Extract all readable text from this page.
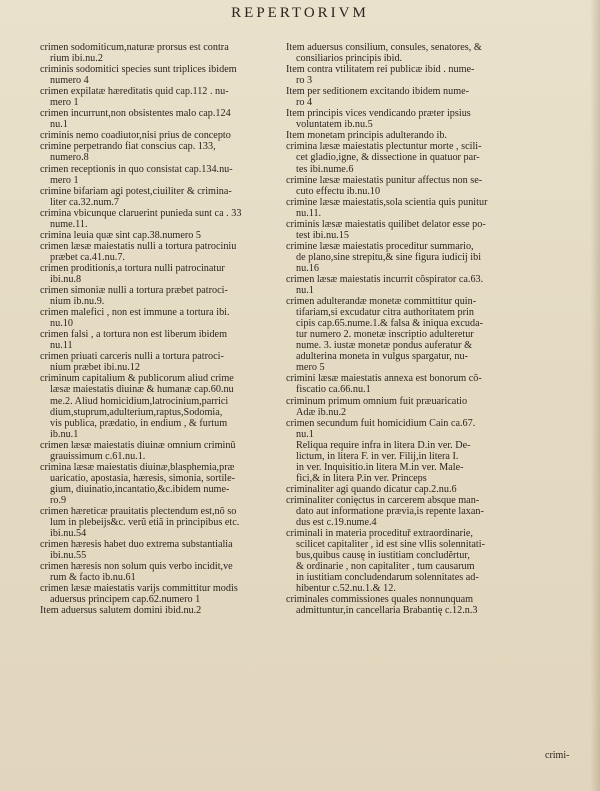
REPERTORIVM
crimen sodomiticum,naturæ prorsus est contra
rium ibi.nu.2
criminis sodomitici species sunt triplices ibidem
numero 4
crimen expilatæ hæreditatis quid cap.112 . nu-
mero 1
crimen incurrunt,non obsistentes malo cap.124
nu.1
criminis nemo coadiutor,nisi prius de concepto
crimine perpetrando fiat conscius cap. 133,
numero.8
crimen receptionis in quo consistat cap.134.nu-
mero 1
crimine bifariam agi potest,ciuiliter & crimina-
liter ca.32.num.7
crimina vbicunque claruerint punieda sunt ca . 33
nume.11.
crimina leuia quæ sint cap.38.numero 5
crimen læsæ maiestatis nulli a tortura patrociniu
præbet ca.41.nu.7.
crimen proditionis,a tortura nulli patrocinatur
ibi.nu.8
crimen simoniæ nulli a tortura præbet patroci-
nium ib.nu.9.
crimen malefici , non est immune a tortura ibi.
nu.10
crimen falsi , a tortura non est liberum ibidem
nu.11
crimen priuati carceris nulli a tortura patroci-
nium præbet ibi.nu.12
criminum capitalium & publicorum aliud crime
læsæ maiestatis diuinæ & humanæ cap.60.nu
me.2. Aliud homicidium,latrocinium,parrici
dium,stuprum,adulterium,raptus,Sodomia,
vis publica, prædatio, in endium , & furtum
ib.nu.1
crimen læsæ maiestatis diuinæ omnium criminũ
grauissimum c.61.nu.1.
crimina læsæ maiestatis diuinæ,blasphemia,præ
uaricatio, apostasia, hæresis, simonia, sortile-
gium, diuinatio,incantatio,&c.ibidem nume-
ro.9
crimen hæreticæ prauitatis plectendum est,nõ so
lum in plebeijs&c. verũ etiã in principibus etc.
ibi.nu.54
crimen hæresis habet duo extrema substantialia
ibi.nu.55
crimen hæresis non solum quis verbo incidit,ve
rum & facto ib.nu.61
crimen læsæ maiestatis varijs committitur modis
aduersus principem cap.62.numero 1
Item aduersus salutem domini ibid.nu.2
Item aduersus consilium, consules, senatores, &
consiliarios principis ibid.
Item contra vtilitatem rei publicæ ibid . nume-
ro 3
Item per seditionem excitando ibidem nume-
ro 4
Item principis vices vendicando præter ipsius
voluntatem ib.nu.5
Item monetam principis adulterando ib.
crimina læsæ maiestatis plectuntur morte , scili-
cet gladio,igne, & dissectione in quatuor par-
tes ibi.nume.6
crimine læsæ maiestatis punitur affectus non se-
cuto effectu ib.nu.10
crimine læsæ maiestatis,sola scientia quis punitur
nu.11.
criminis læsæ maiestatis quilibet delator esse po-
test ibi.nu.15
crimine læsæ maiestatis proceditur summario,
de plano,sine strepitu,& sine figura iudicij ibi
nu.16
crimen læsæ maiestatis incurrit cõspirator ca.63.
nu.1
crimen adulterandæ monetæ committitur quin-
tifariam,si excudatur citra authoritatem prin
cipis cap.65.nume.1.& falsa & iniqua excuda-
tur numero 2. monetæ inscriptio adulteretur
nume. 3. iustæ monetæ pondus auferatur &
adulterina moneta in vulgus spargatur, nu-
mero 5
crimini læsæ maiestatis annexa est bonorum cõ-
fiscatio ca.66.nu.1
criminum primum omnium fuit præuaricatio
Adæ ib.nu.2
crimen secundum fuit homicidium Cain ca.67.
nu.1
Reliqua require infra in litera D.in ver. De-
lictum, in litera F. in ver. Filij,in litera I.
in ver. Inquisitio.in litera M.in ver. Male-
fici,& in litera P.in ver. Princeps
criminaliter agi quando dicatur cap.2.nu.6
criminaliter conięctus in carcerem absque man-
dato aut informatione prævia,is repente laxan-
dus est c.19.nume.4
criminali in materia procedituř extraordinarie,
scilicet capitaliter , id est sine vllis solennitati-
bus,quibus causę in iustitiam concludĕrtur,
& ordinarie , non capitaliter , tum causarum
in iustitiam concludendarum solennitates ad-
hibentur c.52.nu.1.& 12.
criminales commissiones quales nonnunquam
admittuntur,in cancellaria Brabantię c.12.n.3
crimi-
